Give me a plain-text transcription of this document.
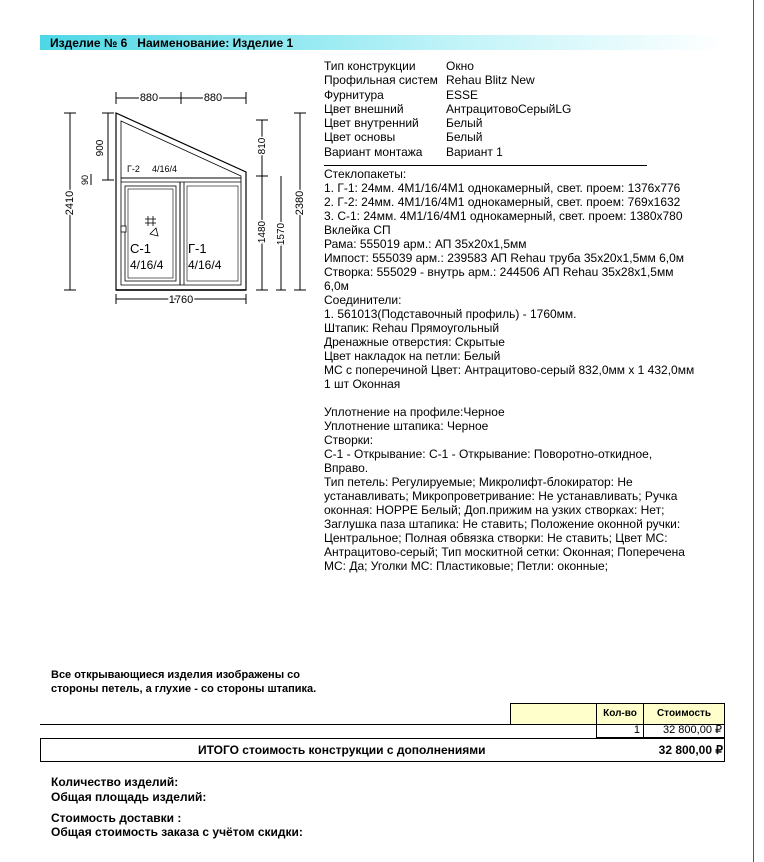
Изделие № 6 Наименование: Изделие 1
880	880
1760
2410
900
90
810
1480 1570
2380
Г-2 4/16/4
С-1
4/16/4
Г-1
4/16/4
Тип конструкции	Окно
Профильная систем Rehau Blitz New
Фурнитура	ESSE
Цвет внешний	АнтрацитовоСерыйLG
Цвет внутренний Белый
Цвет основы	Белый
Вариант монтажа Вариант 1
Стеклопакеты:
1. Г-1: 24мм. 4М1/16/4М1 однокамерный, свет. проем: 1376x776
2. Г-2: 24мм. 4М1/16/4М1 однокамерный, свет. проем: 769x1632
3. С-1: 24мм. 4М1/16/4М1 однокамерный, свет. проем: 1380x780
Вклейка СП
Рама: 555019 арм.: АП 35х20х1,5мм
Импост: 555039 арм.: 239583 АП Rehau труба 35х20х1,5мм 6,0м
Створка: 555029 - внутрь арм.: 244506 АП Rehau 35х28х1,5мм
6,0м
Соединители:
1. 561013(Подставочный профиль) - 1760мм.
Штапик: Rehau Прямоугольный
Дренажные отверстия: Скрытые
Цвет накладок на петли: Белый
МС с поперечиной Цвет: Антрацитово-серый 832,0мм х 1 432,0мм
1 шт Оконная
Уплотнение на профиле:Черное
Уплотнение штапика: Черное
Створки:
С-1 - Открывание: С-1 - Открывание: Поворотно-откидное,
Вправо.
Тип петель: Регулируемые; Микролифт-блокиратор: Не
устанавливать; Микропроветривание: Не устанавливать; Ручка
оконная: HOPPE Белый; Доп.прижим на узких створках: Нет;
Заглушка паза штапика: Не ставить; Положение оконной ручки:
Центральное; Полная обвязка створки: Не ставить; Цвет МС:
Антрацитово-серый; Тип москитной сетки: Оконная; Поперечена
МС: Да; Уголки МС: Пластиковые; Петли: оконные;
Все открывающиеся изделия изображены со
стороны петель, а глухие - со стороны штапика.
Кол-во	Стоимость
1	32 800,00 ₽
ИТОГО стоимость конструкции с дополнениями	32 800,00 ₽
Количество изделий:
Общая площадь изделий:
Стоимость доставки :
Общая стоимость заказа с учётом скидки:
